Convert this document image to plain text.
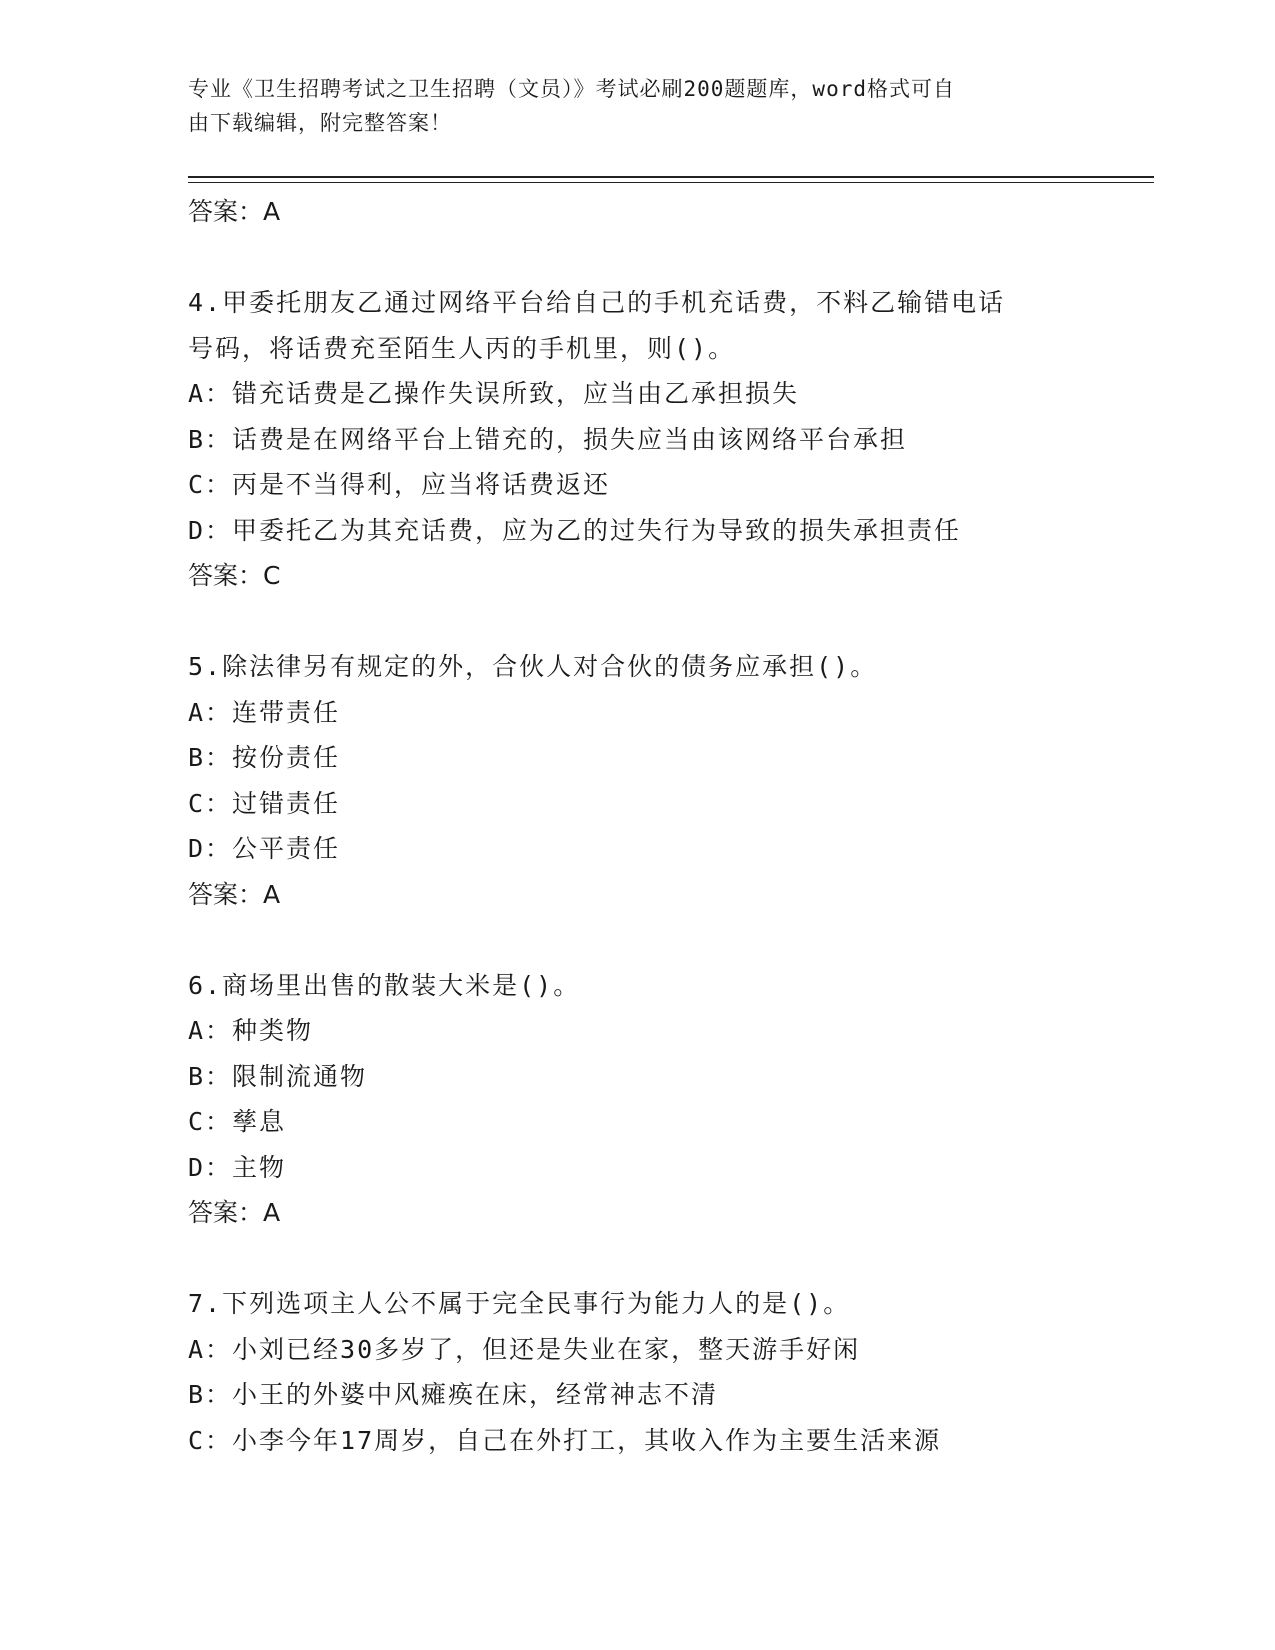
专业《卫生招聘考试之卫生招聘（文员）》考试必刷200题题库，word格式可自
由下载编辑，附完整答案！
答案：A
4.甲委托朋友乙通过网络平台给自己的手机充话费，不料乙输错电话
号码，将话费充至陌生人丙的手机里，则()。
A：错充话费是乙操作失误所致，应当由乙承担损失
B：话费是在网络平台上错充的，损失应当由该网络平台承担
C：丙是不当得利，应当将话费返还
D：甲委托乙为其充话费，应为乙的过失行为导致的损失承担责任
答案：C
5.除法律另有规定的外，合伙人对合伙的债务应承担()。
A：连带责任
B：按份责任
C：过错责任
D：公平责任
答案：A
6.商场里出售的散装大米是()。
A：种类物
B：限制流通物
C：孳息
D：主物
答案：A
7.下列选项主人公不属于完全民事行为能力人的是()。
A：小刘已经30多岁了，但还是失业在家，整天游手好闲
B：小王的外婆中风瘫痪在床，经常神志不清
C：小李今年17周岁，自己在外打工，其收入作为主要生活来源
